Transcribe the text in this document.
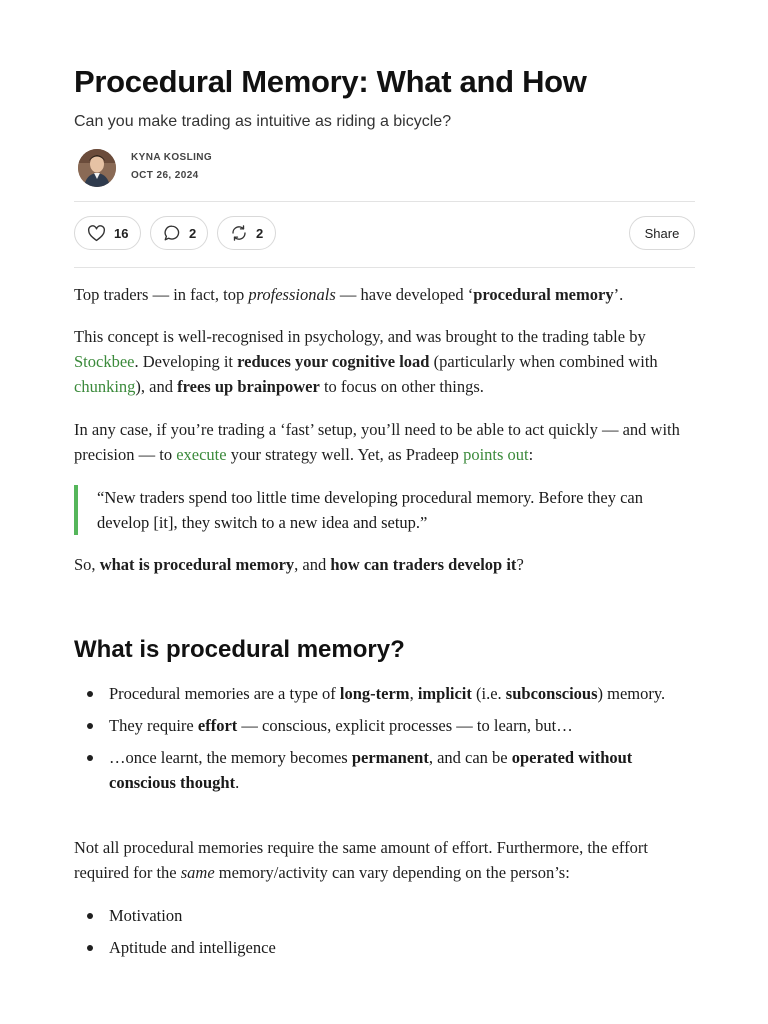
Procedural Memory: What and How
Can you make trading as intuitive as riding a bicycle?
KYNA KOSLING
OCT 26, 2024
16	2	2	Share

Top traders — in fact, top professionals — have developed ‘procedural memory’.

This concept is well-recognised in psychology, and was brought to the trading table by Stockbee. Developing it reduces your cognitive load (particularly when combined with chunking), and frees up brainpower to focus on other things.

In any case, if you’re trading a ‘fast’ setup, you’ll need to be able to act quickly — and with precision — to execute your strategy well. Yet, as Pradeep points out:

“New traders spend too little time developing procedural memory. Before they can develop [it], they switch to a new idea and setup.”

So, what is procedural memory, and how can traders develop it?

What is procedural memory?
Procedural memories are a type of long-term, implicit (i.e. subconscious) memory.
They require effort — conscious, explicit processes — to learn, but…
…once learnt, the memory becomes permanent, and can be operated without conscious thought.

Not all procedural memories require the same amount of effort. Furthermore, the effort required for the same memory/activity can vary depending on the person’s:

Motivation
Aptitude and intelligence
